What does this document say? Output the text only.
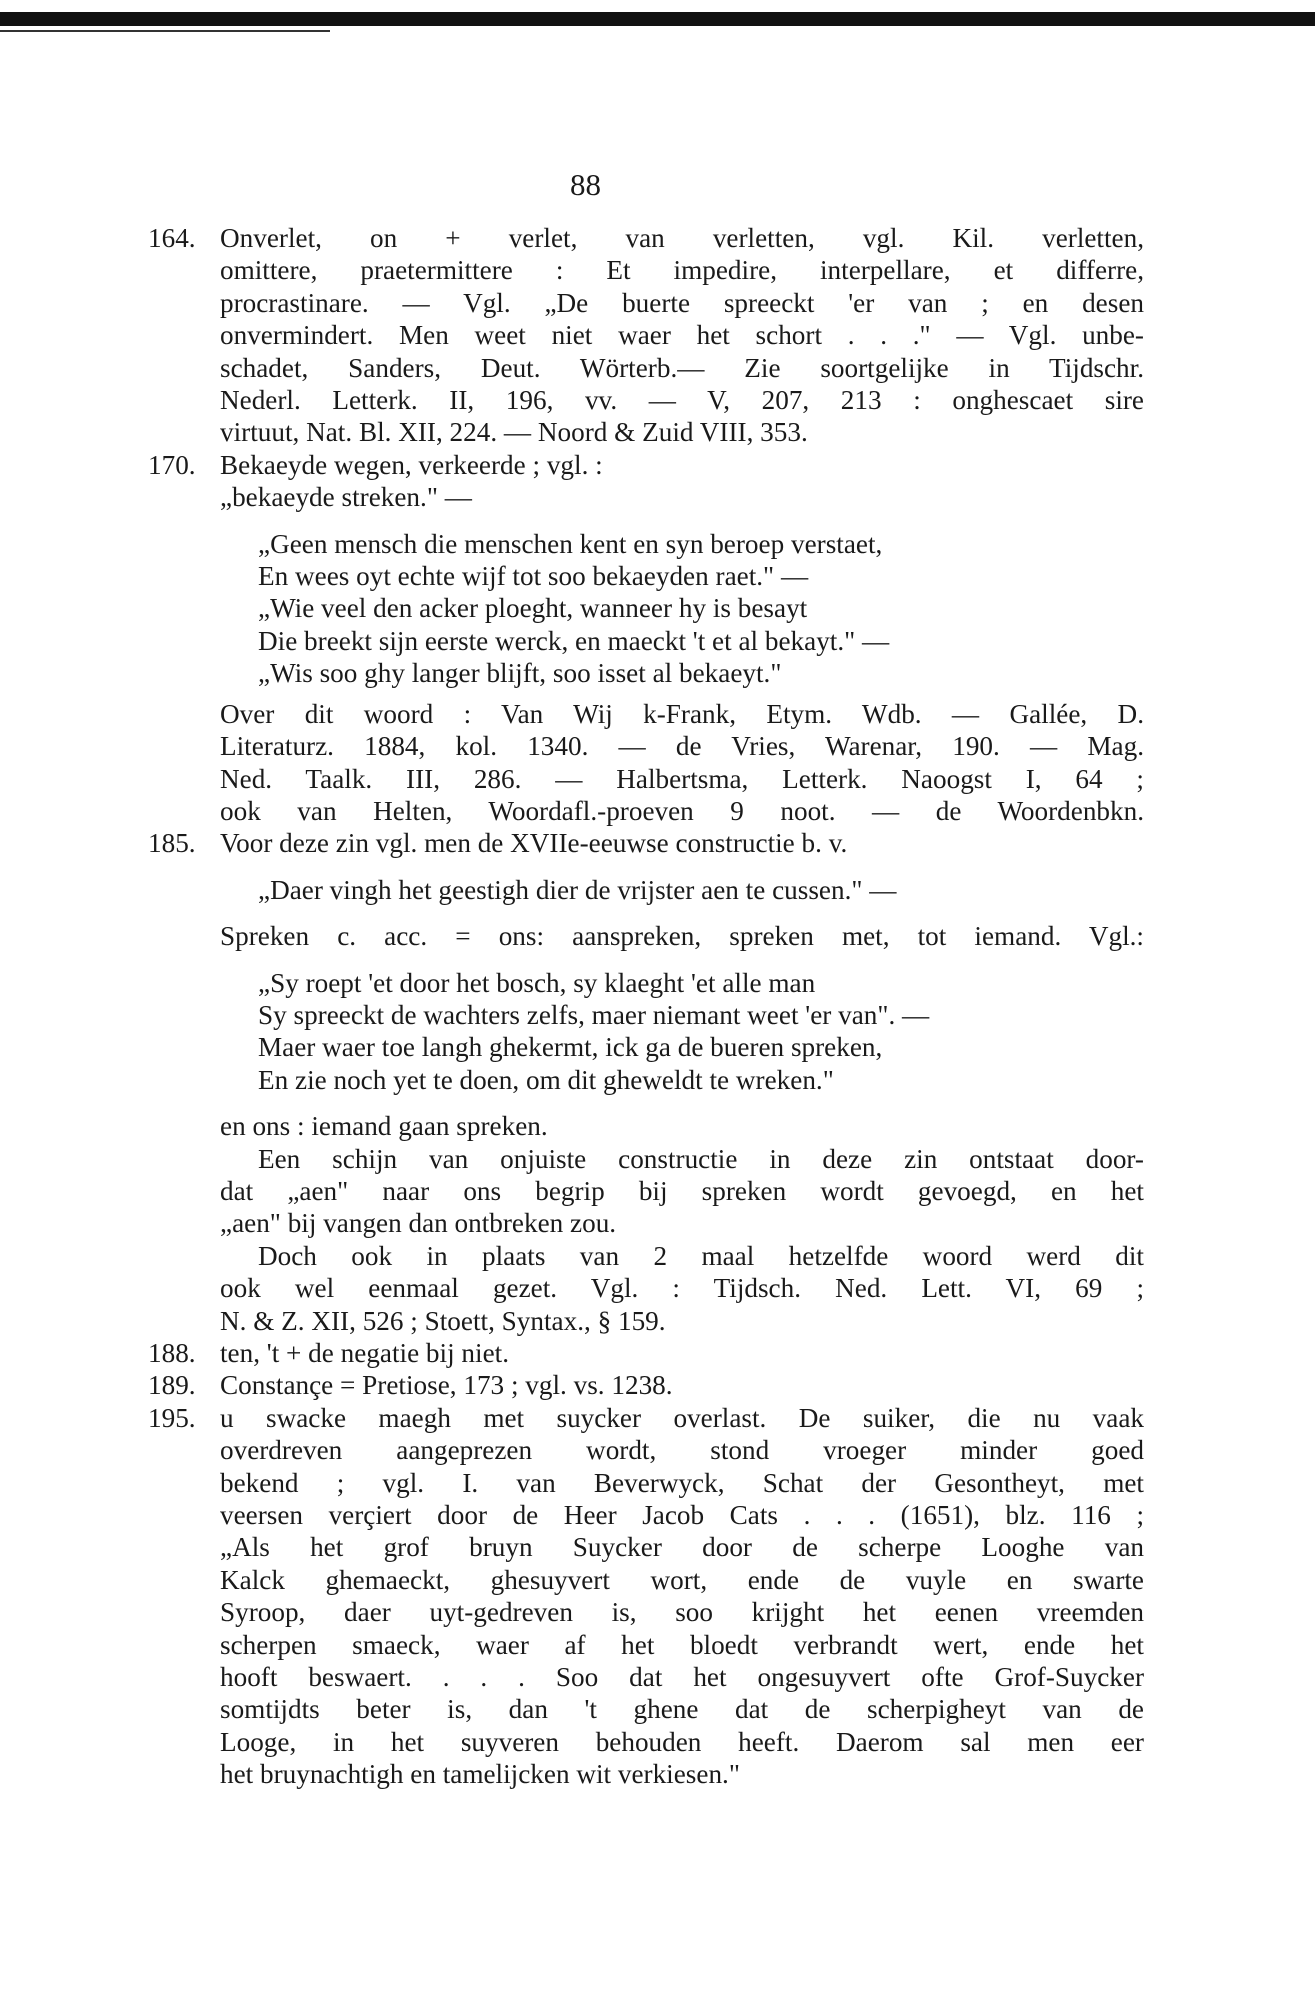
88
164. Onverlet, on + verlet, van verletten, vgl. Kil. verletten,
omittere, praetermittere : Et impedire, interpellare, et differre,
procrastinare. — Vgl. „De buerte spreeckt 'er van ; en desen
onvermindert. Men weet niet waer het schort . . ." — Vgl. unbe-
schadet, Sanders, Deut. Wörterb.— Zie soortgelijke in Tijdschr.
Nederl. Letterk. II, 196, vv. — V, 207, 213 : onghescaet sire
virtuut, Nat. Bl. XII, 224. — Noord & Zuid VIII, 353.
170. Bekaeyde wegen, verkeerde ; vgl. :
„bekaeyde streken." —
„Geen mensch die menschen kent en syn beroep verstaet,
En wees oyt echte wijf tot soo bekaeyden raet." —
„Wie veel den acker ploeght, wanneer hy is besayt
Die breekt sijn eerste werck, en maeckt 't et al bekayt." —
„Wis soo ghy langer blijft, soo isset al bekaeyt."
Over dit woord : Van Wij k-Frank, Etym. Wdb. — Gallée, D.
Literaturz. 1884, kol. 1340. — de Vries, Warenar, 190. — Mag.
Ned. Taalk. III, 286. — Halbertsma, Letterk. Naoogst I, 64 ;
ook van Helten, Woordafl.-proeven 9 noot. — de Woordenbkn.
185. Voor deze zin vgl. men de XVIIe-eeuwse constructie b. v.
„Daer vingh het geestigh dier de vrijster aen te cussen." —
Spreken c. acc. = ons: aanspreken, spreken met, tot iemand. Vgl.:
„Sy roept 'et door het bosch, sy klaeght 'et alle man
Sy spreeckt de wachters zelfs, maer niemant weet 'er van". —
Maer waer toe langh ghekermt, ick ga de bueren spreken,
En zie noch yet te doen, om dit gheweldt te wreken."
en ons : iemand gaan spreken.
Een schijn van onjuiste constructie in deze zin ontstaat door-
dat „aen" naar ons begrip bij spreken wordt gevoegd, en het
„aen" bij vangen dan ontbreken zou.
Doch ook in plaats van 2 maal hetzelfde woord werd dit
ook wel eenmaal gezet. Vgl. : Tijdsch. Ned. Lett. VI, 69 ;
N. & Z. XII, 526 ; Stoett, Syntax., § 159.
188. ten, 't + de negatie bij niet.
189. Constançe = Pretiose, 173 ; vgl. vs. 1238.
195. u swacke maegh met suycker overlast. De suiker, die nu vaak
overdreven aangeprezen wordt, stond vroeger minder goed
bekend ; vgl. I. van Beverwyck, Schat der Gesontheyt, met
veersen verçiert door de Heer Jacob Cats . . . (1651), blz. 116 ;
„Als het grof bruyn Suycker door de scherpe Looghe van
Kalck ghemaeckt, ghesuyvert wort, ende de vuyle en swarte
Syroop, daer uyt-gedreven is, soo krijght het eenen vreemden
scherpen smaeck, waer af het bloedt verbrandt wert, ende het
hooft beswaert. . . . Soo dat het ongesuyvert ofte Grof-Suycker
somtijdts beter is, dan 't ghene dat de scherpigheyt van de
Looge, in het suyveren behouden heeft. Daerom sal men eer
het bruynachtigh en tamelijcken wit verkiesen."
